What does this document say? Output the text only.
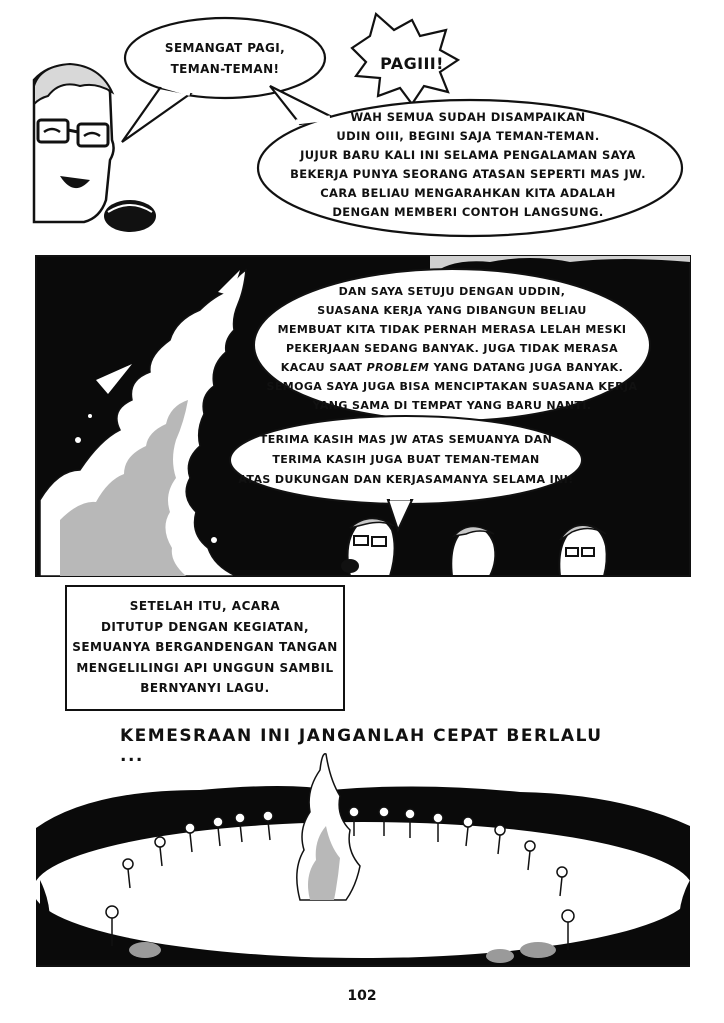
SEMANGAT PAGI,
TEMAN-TEMAN!	PAGIII!
WAH SEMUA SUDAH DISAMPAIKAN
UDIN OIII, BEGINI SAJA TEMAN-TEMAN.
JUJUR BARU KALI INI SELAMA PENGALAMAN SAYA
BEKERJA PUNYA SEORANG ATASAN SEPERTI MAS JW.
CARA BELIAU MENGARAHKAN KITA ADALAH
DENGAN MEMBERI CONTOH LANGSUNG.
DAN SAYA SETUJU DENGAN UDDIN,
SUASANA KERJA YANG DIBANGUN BELIAU
MEMBUAT KITA TIDAK PERNAH MERASA LELAH MESKI
PEKERJAAN SEDANG BANYAK. JUGA TIDAK MERASA
KACAU SAAT PROBLEM YANG DATANG JUGA BANYAK.
SEMOGA SAYA JUGA BISA MENCIPTAKAN SUASANA KERJA
YANG SAMA DI TEMPAT YANG BARU NANTI.
TERIMA KASIH MAS JW ATAS SEMUANYA DAN
TERIMA KASIH JUGA BUAT TEMAN-TEMAN
ATAS DUKUNGAN DAN KERJASAMANYA SELAMA INI!
SETELAH ITU, ACARA
DITUTUP DENGAN KEGIATAN,
SEMUANYA BERGANDENGAN TANGAN
MENGELILINGI API UNGGUN SAMBIL
BERNYANYI LAGU.
KEMESRAAN INI JANGANLAH CEPAT BERLALU ...
102
